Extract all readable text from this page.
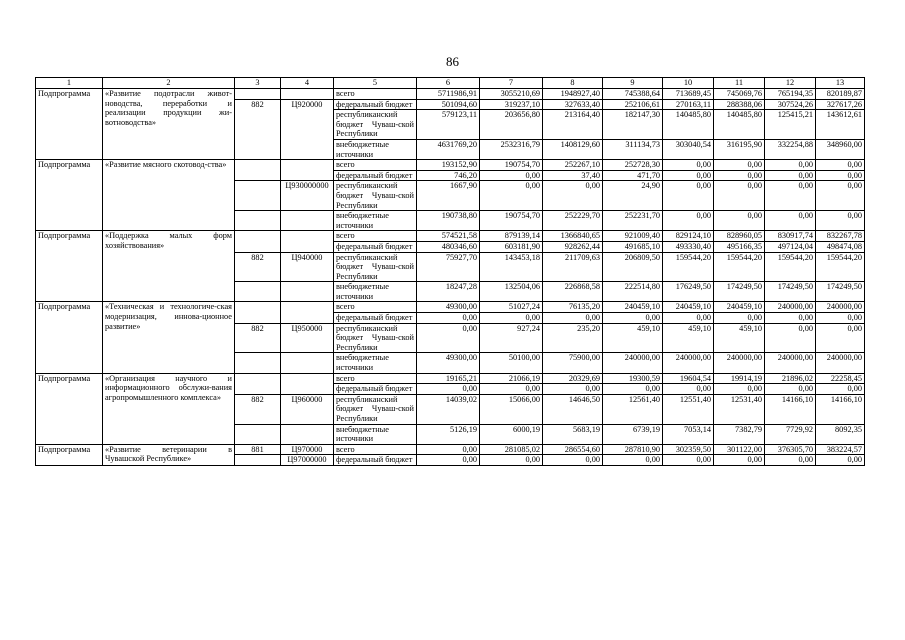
86
1	2	3	4	5	6	7	8	9	10	11	12	13
Подпрограмма	«Развитие подотрасли живот-новодства, переработки и реализации продукции жи-вотноводства»			всего	5711986,91	3055210,69	1948927,40	745388,64	713689,45	745069,76	765194,35	820189,87
		882	Ц920000	федеральный бюджет	501094,60	319237,10	327633,40	252106,61	270163,11	288388,06	307524,26	327617,26
				республиканский бюджет Чуваш-ской Республики	579123,11	203656,80	213164,40	182147,30	140485,80	140485,80	125415,21	143612,61
				внебюджетные источники	4631769,20	2532316,79	1408129,60	311134,73	303040,54	316195,90	332254,88	348960,00
Подпрограмма	«Развитие мясного скотовод-ства»			всего	193152,90	190754,70	252267,10	252728,30	0,00	0,00	0,00	0,00
				федеральный бюджет	746,20	0,00	37,40	471,70	0,00	0,00	0,00	0,00
			Ц930000000	республиканский бюджет Чуваш-ской Республики	1667,90	0,00	0,00	24,90	0,00	0,00	0,00	0,00
				внебюджетные источники	190738,80	190754,70	252229,70	252231,70	0,00	0,00	0,00	0,00
Подпрограмма	«Поддержка малых форм хозяйствования»			всего	574521,58	879139,14	1366840,65	921009,40	829124,10	828960,05	830917,74	832267,78
				федеральный бюджет	480346,60	603181,90	928262,44	491685,10	493330,40	495166,35	497124,04	498474,08
		882	Ц940000	республиканский бюджет Чуваш-ской Республики	75927,70	143453,18	211709,63	206809,50	159544,20	159544,20	159544,20	159544,20
				внебюджетные источники	18247,28	132504,06	226868,58	222514,80	176249,50	174249,50	174249,50	174249,50
Подпрограмма	«Техническая и технологиче-ская модернизация, иннова-ционное развитие»			всего	49300,00	51027,24	76135,20	240459,10	240459,10	240459,10	240000,00	240000,00
				федеральный бюджет	0,00	0,00	0,00	0,00	0,00	0,00	0,00	0,00
		882	Ц950000	республиканский бюджет Чуваш-ской Республики	0,00	927,24	235,20	459,10	459,10	459,10	0,00	0,00
				внебюджетные источники	49300,00	50100,00	75900,00	240000,00	240000,00	240000,00	240000,00	240000,00
Подпрограмма	«Организация научного и информационного обслужи-вания агропромышленного комплекса»			всего	19165,21	21066,19	20329,69	19300,59	19604,54	19914,19	21896,02	22258,45
				федеральный бюджет	0,00	0,00	0,00	0,00	0,00	0,00	0,00	0,00
		882	Ц960000	республиканский бюджет Чуваш-ской Республики	14039,02	15066,00	14646,50	12561,40	12551,40	12531,40	14166,10	14166,10
				внебюджетные источники	5126,19	6000,19	5683,19	6739,19	7053,14	7382,79	7729,92	8092,35
Подпрограмма	«Развитие ветеринарии в Чувашской Республике»	881	Ц970000	всего	0,00	281085,02	286554,60	287810,90	302359,50	301122,00	376305,70	383224,57
			Ц97000000	федеральный бюджет	0,00	0,00	0,00	0,00	0,00	0,00	0,00	0,00
